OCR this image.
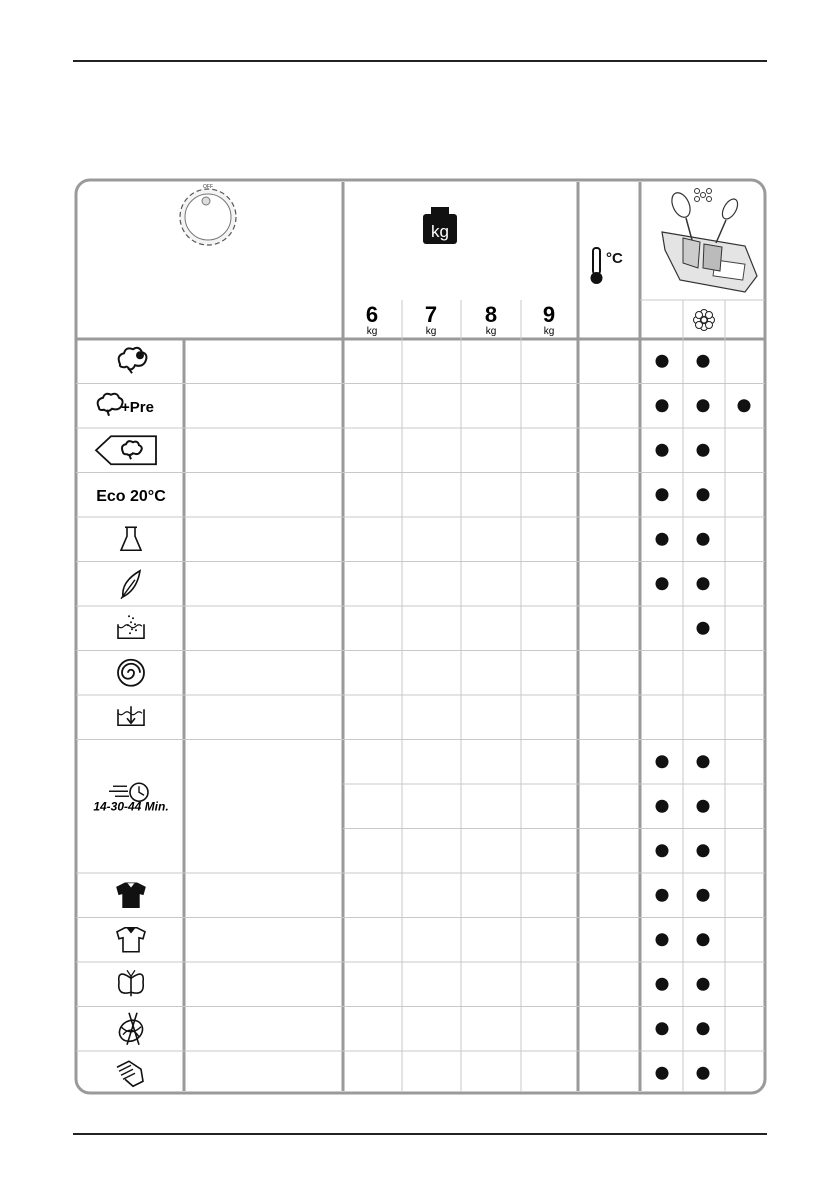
OFF
kg
6
kg
7
kg
8
kg
9
kg
°C
+Pre
Eco 20°C
14-30-44 Min.
